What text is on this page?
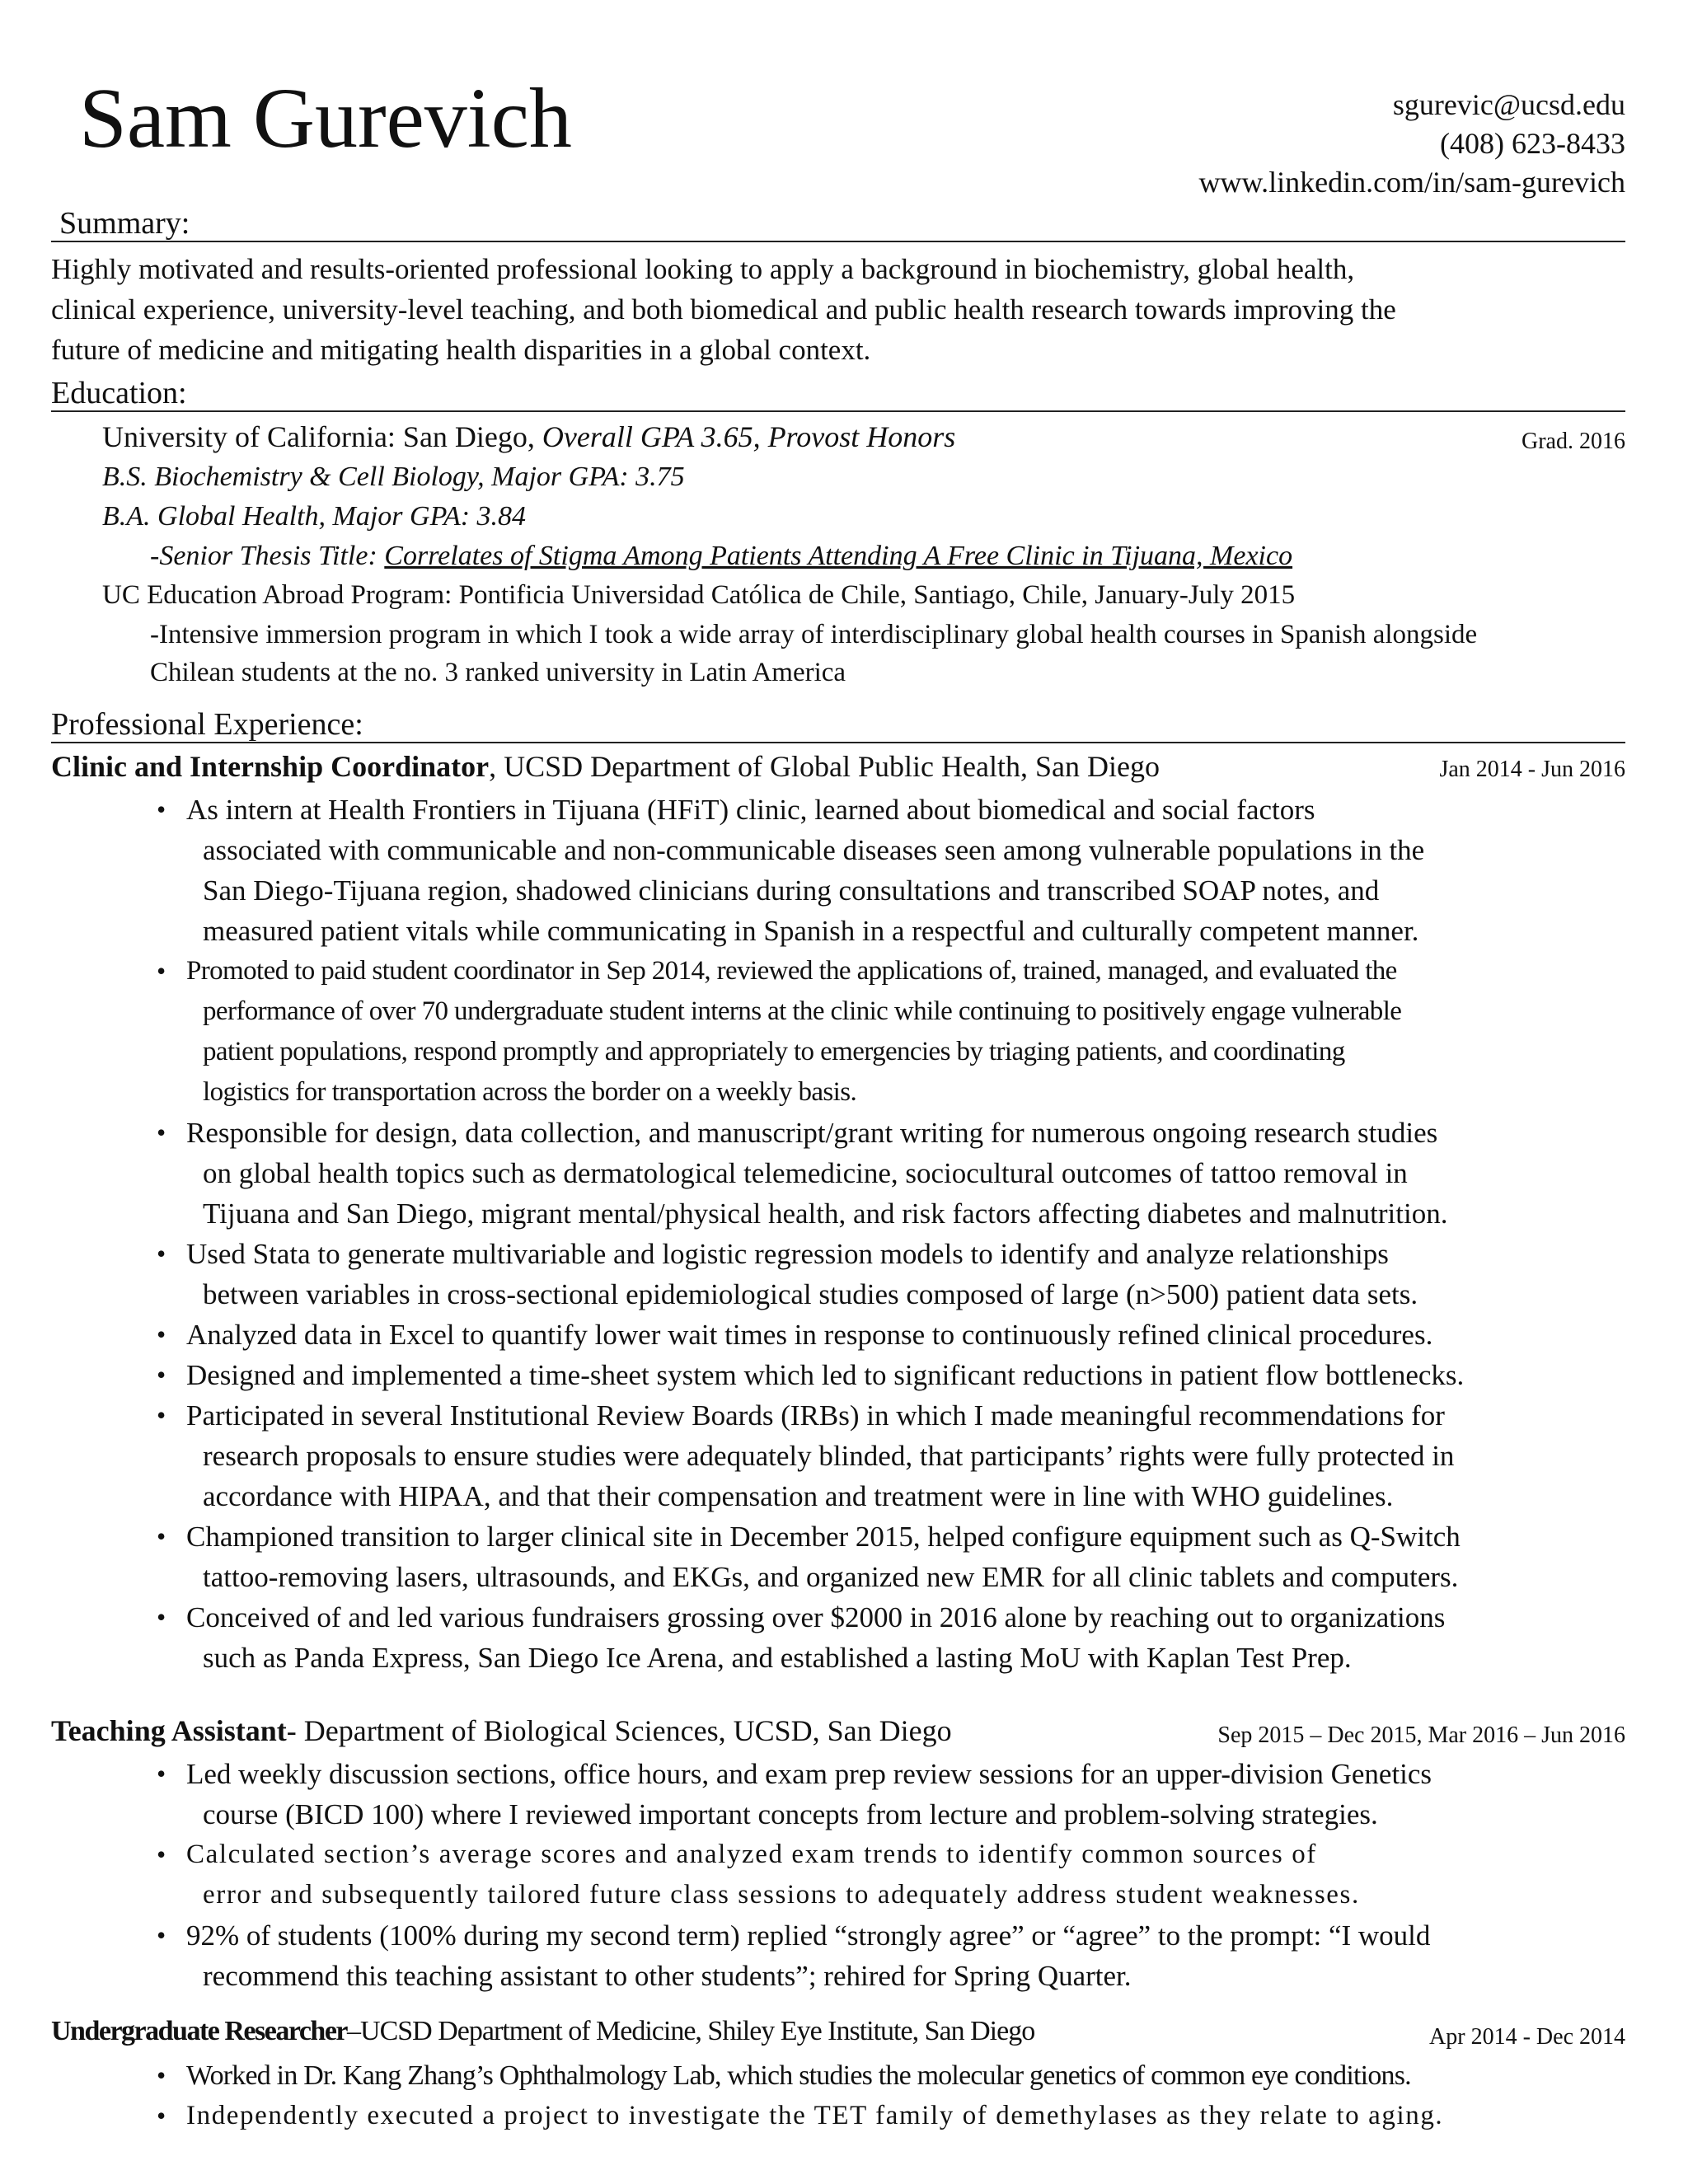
Sam Gurevich	sgurevic@ucsd.edu
(408) 623-8433
www.linkedin.com/in/sam-gurevich
Summary:
Highly motivated and results-oriented professional looking to apply a background in biochemistry, global health,
clinical experience, university-level teaching, and both biomedical and public health research towards improving the
future of medicine and mitigating health disparities in a global context.
Education:
University of California: San Diego, Overall GPA 3.65, Provost Honors	Grad. 2016
B.S. Biochemistry & Cell Biology, Major GPA: 3.75
B.A. Global Health, Major GPA: 3.84
-Senior Thesis Title: Correlates of Stigma Among Patients Attending A Free Clinic in Tijuana, Mexico
UC Education Abroad Program: Pontificia Universidad Católica de Chile, Santiago, Chile, January-July 2015
-Intensive immersion program in which I took a wide array of interdisciplinary global health courses in Spanish alongside
Chilean students at the no. 3 ranked university in Latin America
Professional Experience:
Clinic and Internship Coordinator, UCSD Department of Global Public Health, San Diego	Jan 2014 - Jun 2016
• As intern at Health Frontiers in Tijuana (HFiT) clinic, learned about biomedical and social factors
associated with communicable and non-communicable diseases seen among vulnerable populations in the
San Diego-Tijuana region, shadowed clinicians during consultations and transcribed SOAP notes, and
measured patient vitals while communicating in Spanish in a respectful and culturally competent manner.
• Promoted to paid student coordinator in Sep 2014, reviewed the applications of, trained, managed, and evaluated the
performance of over 70 undergraduate student interns at the clinic while continuing to positively engage vulnerable
patient populations, respond promptly and appropriately to emergencies by triaging patients, and coordinating
logistics for transportation across the border on a weekly basis.
• Responsible for design, data collection, and manuscript/grant writing for numerous ongoing research studies
on global health topics such as dermatological telemedicine, sociocultural outcomes of tattoo removal in
Tijuana and San Diego, migrant mental/physical health, and risk factors affecting diabetes and malnutrition.
• Used Stata to generate multivariable and logistic regression models to identify and analyze relationships
between variables in cross-sectional epidemiological studies composed of large (n>500) patient data sets.
• Analyzed data in Excel to quantify lower wait times in response to continuously refined clinical procedures.
• Designed and implemented a time-sheet system which led to significant reductions in patient flow bottlenecks.
• Participated in several Institutional Review Boards (IRBs) in which I made meaningful recommendations for
research proposals to ensure studies were adequately blinded, that participants’ rights were fully protected in
accordance with HIPAA, and that their compensation and treatment were in line with WHO guidelines.
• Championed transition to larger clinical site in December 2015, helped configure equipment such as Q-Switch
tattoo-removing lasers, ultrasounds, and EKGs, and organized new EMR for all clinic tablets and computers.
• Conceived of and led various fundraisers grossing over $2000 in 2016 alone by reaching out to organizations
such as Panda Express, San Diego Ice Arena, and established a lasting MoU with Kaplan Test Prep.
Teaching Assistant- Department of Biological Sciences, UCSD, San Diego	Sep 2015 – Dec 2015, Mar 2016 – Jun 2016
• Led weekly discussion sections, office hours, and exam prep review sessions for an upper-division Genetics
course (BICD 100) where I reviewed important concepts from lecture and problem-solving strategies.
• Calculated section’s average scores and analyzed exam trends to identify common sources of
error and subsequently tailored future class sessions to adequately address student weaknesses.
• 92% of students (100% during my second term) replied “strongly agree” or “agree” to the prompt: “I would
recommend this teaching assistant to other students”; rehired for Spring Quarter.
Undergraduate Researcher–UCSD Department of Medicine, Shiley Eye Institute, San Diego	Apr 2014 - Dec 2014
• Worked in Dr. Kang Zhang’s Ophthalmology Lab, which studies the molecular genetics of common eye conditions.
• Independently executed a project to investigate the TET family of demethylases as they relate to aging.
